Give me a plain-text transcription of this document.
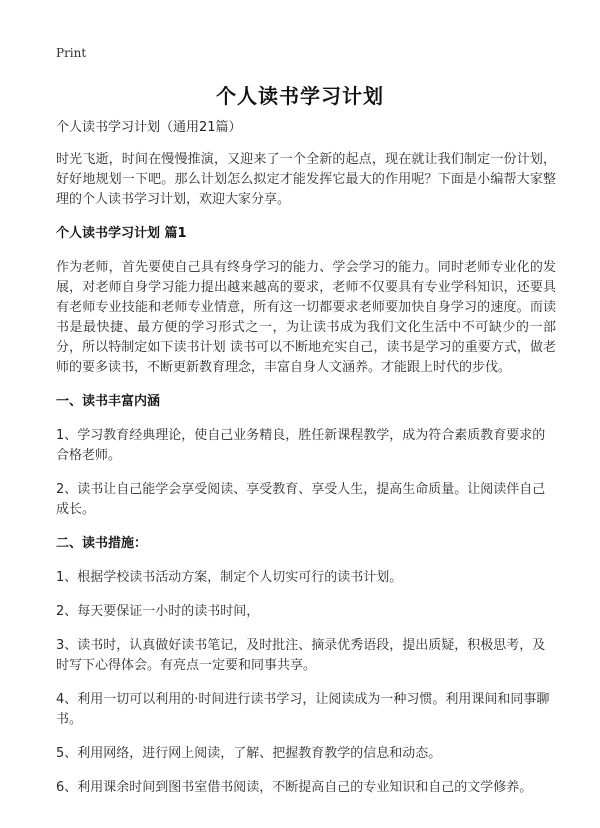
Print
个人读书学习计划

个人读书学习计划（通用21篇）

时光飞逝，时间在慢慢推演，又迎来了一个全新的起点，现在就让我们制定一份计划，好好地规划一下吧。那么计划怎么拟定才能发挥它最大的作用呢？下面是小编帮大家整理的个人读书学习计划，欢迎大家分享。

个人读书学习计划 篇1

作为老师，首先要使自己具有终身学习的能力、学会学习的能力。同时老师专业化的发展，对老师自身学习能力提出越来越高的要求，老师不仅要具有专业学科知识，还要具有老师专业技能和老师专业情意，所有这一切都要求老师要加快自身学习的速度。而读书是最快捷、最方便的学习形式之一，为让读书成为我们文化生活中不可缺少的一部分，所以特制定如下读书计划 读书可以不断地充实自己，读书是学习的重要方式，做老师的要多读书，不断更新教育理念，丰富自身人文涵养。才能跟上时代的步伐。

一、读书丰富内涵

1、学习教育经典理论，使自己业务精良，胜任新课程教学，成为符合素质教育要求的合格老师。

2、读书让自己能学会享受阅读、享受教育、享受人生，提高生命质量。让阅读伴自己成长。

二、读书措施：

1、根据学校读书活动方案，制定个人切实可行的读书计划。

2、每天要保证一小时的读书时间，

3、读书时，认真做好读书笔记，及时批注、摘录优秀语段，提出质疑，积极思考，及时写下心得体会。有亮点一定要和同事共享。

4、利用一切可以利用的·时间进行读书学习，让阅读成为一种习惯。利用课间和同事聊书。

5、利用网络，进行网上阅读，了解、把握教育教学的信息和动态。

6、利用课余时间到图书室借书阅读，不断提高自己的专业知识和自己的文学修养。
